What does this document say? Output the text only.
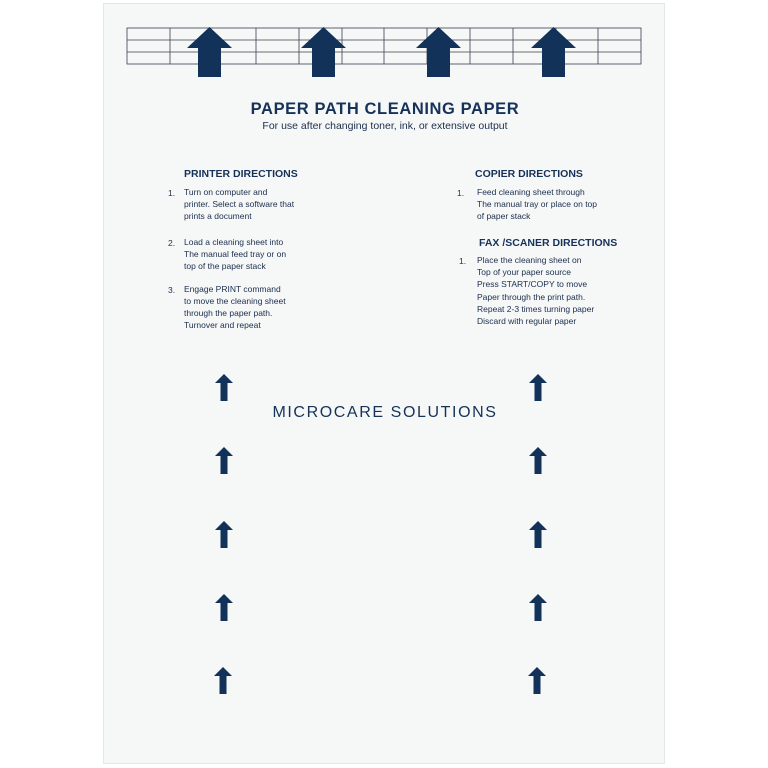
PAPER PATH CLEANING PAPER
For use after changing toner, ink, or extensive output
PRINTER DIRECTIONS
1. Turn on computer and
printer. Select a software that
prints a document
2. Load a cleaning sheet into
The manual feed tray or on
top of the paper stack
3. Engage PRINT command
to move the cleaning sheet
through the paper path.
Turnover and repeat
COPIER DIRECTIONS
1. Feed cleaning sheet through
The manual tray or place on top
of paper stack
FAX /SCANER DIRECTIONS
1. Place the cleaning sheet on
Top of your paper source
Press START/COPY to move
Paper through the print path.
Repeat 2-3 times turning paper
Discard with regular paper
MICROCARE SOLUTIONS
